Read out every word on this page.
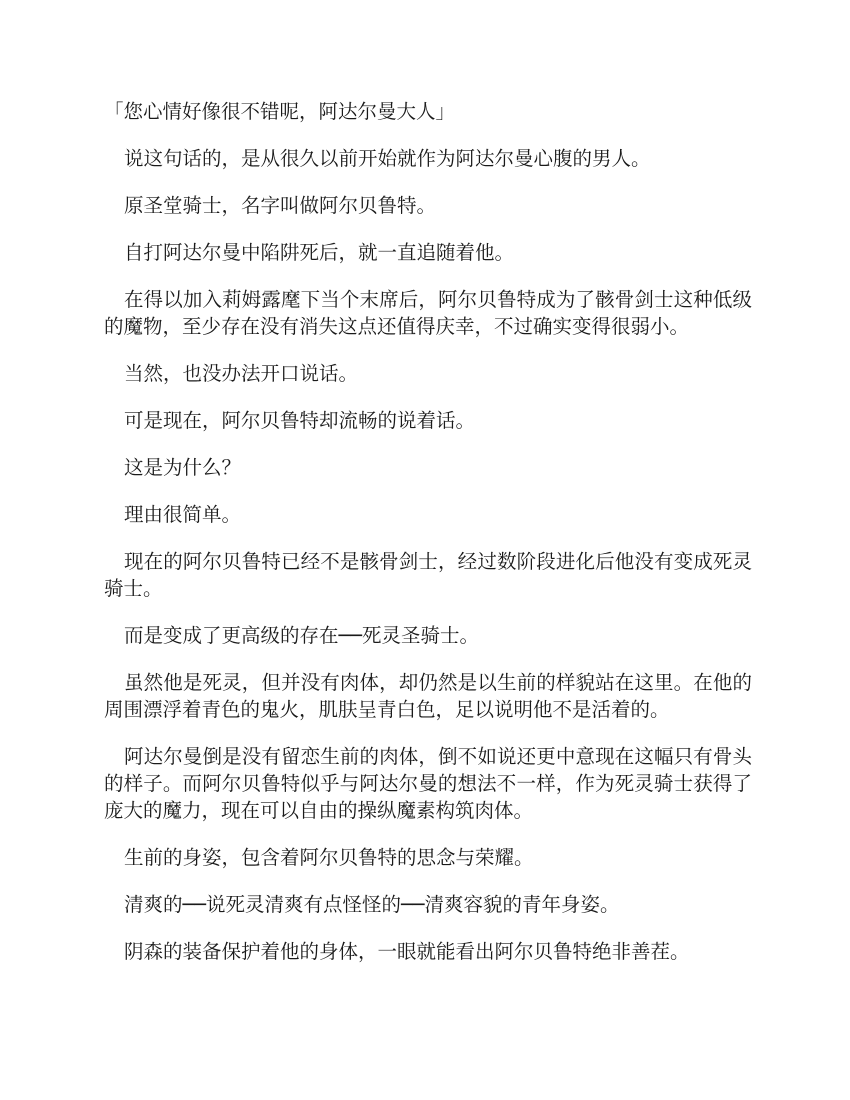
「您心情好像很不错呢，阿达尔曼大人」

说这句话的，是从很久以前开始就作为阿达尔曼心腹的男人。

原圣堂骑士，名字叫做阿尔贝鲁特。

自打阿达尔曼中陷阱死后，就一直追随着他。

在得以加入莉姆露麾下当个末席后，阿尔贝鲁特成为了骸骨剑士这种低级的魔物，至少存在没有消失这点还值得庆幸，不过确实变得很弱小。

当然，也没办法开口说话。

可是现在，阿尔贝鲁特却流畅的说着话。

这是为什么？

理由很简单。

现在的阿尔贝鲁特已经不是骸骨剑士，经过数阶段进化后他没有变成死灵骑士。

而是变成了更高级的存在──死灵圣骑士。

虽然他是死灵，但并没有肉体，却仍然是以生前的样貌站在这里。在他的周围漂浮着青色的鬼火，肌肤呈青白色，足以说明他不是活着的。

阿达尔曼倒是没有留恋生前的肉体，倒不如说还更中意现在这幅只有骨头的样子。而阿尔贝鲁特似乎与阿达尔曼的想法不一样，作为死灵骑士获得了庞大的魔力，现在可以自由的操纵魔素构筑肉体。

生前的身姿，包含着阿尔贝鲁特的思念与荣耀。

清爽的──说死灵清爽有点怪怪的──清爽容貌的青年身姿。

阴森的装备保护着他的身体，一眼就能看出阿尔贝鲁特绝非善茬。
